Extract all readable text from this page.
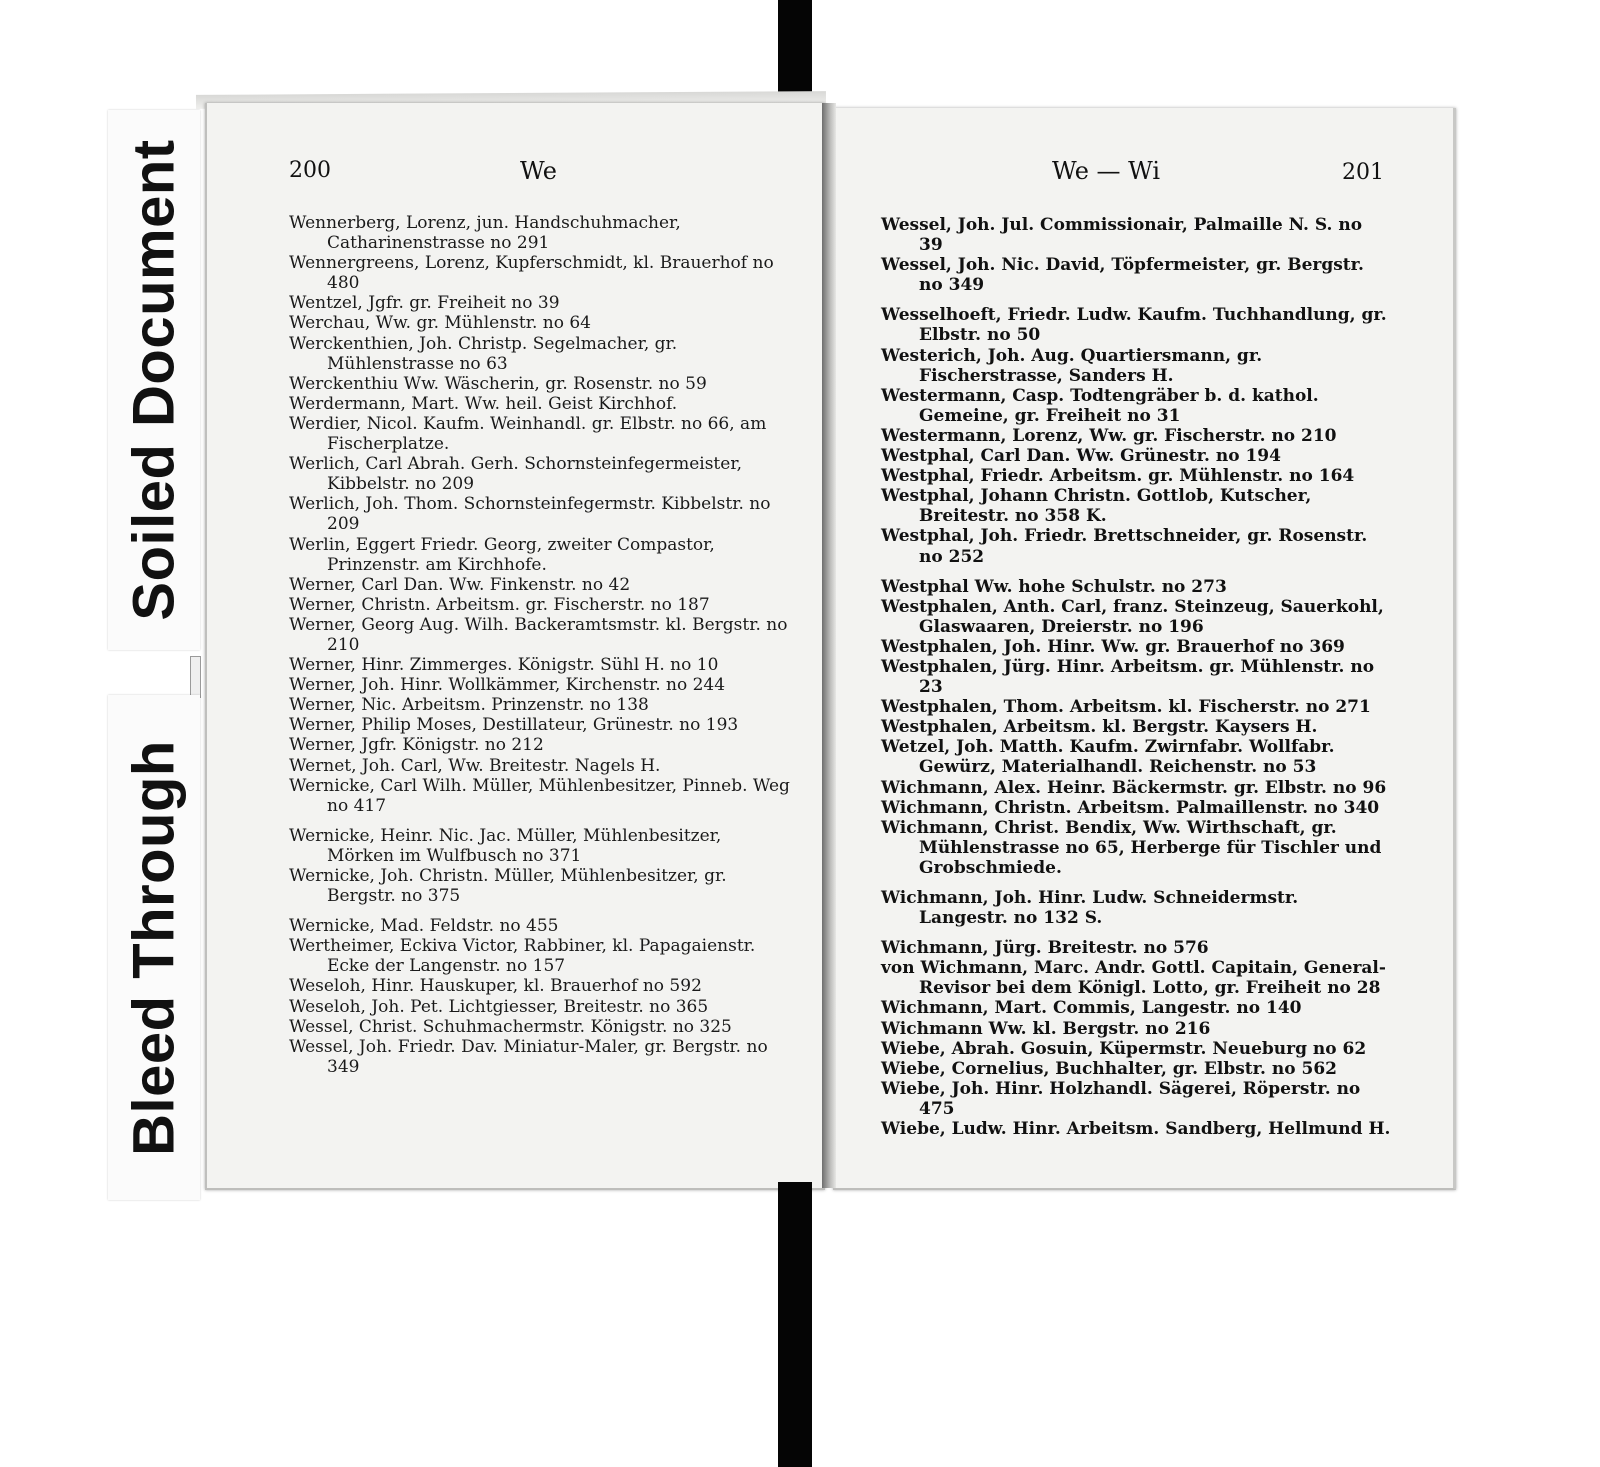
Soiled Document
Bleed Through
200	We	We — Wi	201

Wennerberg, Lorenz, jun. Handschuhmacher, Catharinenstrasse no 291

Wennergreens, Lorenz, Kupferschmidt, kl. Brauerhof no 480

Wentzel, Jgfr. gr. Freiheit no 39

Werchau, Ww. gr. Mühlenstr. no 64

Werckenthien, Joh. Christp. Segelmacher, gr. Mühlenstrasse no 63

Werckenthiu Ww. Wäscherin, gr. Rosenstr. no 59

Werdermann, Mart. Ww. heil. Geist Kirchhof.

Werdier, Nicol. Kaufm. Weinhandl. gr. Elbstr. no 66, am Fischerplatze.

Werlich, Carl Abrah. Gerh. Schornsteinfegermeister, Kibbelstr. no 209

Werlich, Joh. Thom. Schornsteinfegermstr. Kibbelstr. no 209

Werlin, Eggert Friedr. Georg, zweiter Compastor, Prinzenstr. am Kirchhofe.

Werner, Carl Dan. Ww. Finkenstr. no 42

Werner, Christn. Arbeitsm. gr. Fischerstr. no 187

Werner, Georg Aug. Wilh. Backeramtsmstr. kl. Bergstr. no 210

Werner, Hinr. Zimmerges. Königstr. Sühl H. no 10

Werner, Joh. Hinr. Wollkämmer, Kirchenstr. no 244

Werner, Nic. Arbeitsm. Prinzenstr. no 138

Werner, Philip Moses, Destillateur, Grünestr. no 193

Werner, Jgfr. Königstr. no 212

Wernet, Joh. Carl, Ww. Breitestr. Nagels H.

Wernicke, Carl Wilh. Müller, Mühlenbesitzer, Pinneb. Weg no 417

Wernicke, Heinr. Nic. Jac. Müller, Mühlenbesitzer, Mörken im Wulfbusch no 371

Wernicke, Joh. Christn. Müller, Mühlenbesitzer, gr. Bergstr. no 375

Wernicke, Mad. Feldstr. no 455

Wertheimer, Eckiva Victor, Rabbiner, kl. Papagaienstr. Ecke der Langenstr. no 157

Weseloh, Hinr. Hauskuper, kl. Brauerhof no 592

Weseloh, Joh. Pet. Lichtgiesser, Breitestr. no 365

Wessel, Christ. Schuhmachermstr. Königstr. no 325

Wessel, Joh. Friedr. Dav. Miniatur-Maler, gr. Bergstr. no 349

Wessel, Joh. Jul. Commissionair, Palmaille N. S. no 39

Wessel, Joh. Nic. David, Töpfermeister, gr. Bergstr. no 349

Wesselhoeft, Friedr. Ludw. Kaufm. Tuchhandlung, gr. Elbstr. no 50

Westerich, Joh. Aug. Quartiersmann, gr. Fischerstrasse, Sanders H.

Westermann, Casp. Todtengräber b. d. kathol. Gemeine, gr. Freiheit no 31

Westermann, Lorenz, Ww. gr. Fischerstr. no 210

Westphal, Carl Dan. Ww. Grünestr. no 194

Westphal, Friedr. Arbeitsm. gr. Mühlenstr. no 164

Westphal, Johann Christn. Gottlob, Kutscher, Breitestr. no 358 K.

Westphal, Joh. Friedr. Brettschneider, gr. Rosenstr. no 252

Westphal Ww. hohe Schulstr. no 273

Westphalen, Anth. Carl, franz. Steinzeug, Sauerkohl, Glaswaaren, Dreierstr. no 196

Westphalen, Joh. Hinr. Ww. gr. Brauerhof no 369

Westphalen, Jürg. Hinr. Arbeitsm. gr. Mühlenstr. no 23

Westphalen, Thom. Arbeitsm. kl. Fischerstr. no 271

Westphalen, Arbeitsm. kl. Bergstr. Kaysers H.

Wetzel, Joh. Matth. Kaufm. Zwirnfabr. Wollfabr. Gewürz, Materialhandl. Reichenstr. no 53

Wichmann, Alex. Heinr. Bäckermstr. gr. Elbstr. no 96

Wichmann, Christn. Arbeitsm. Palmaillenstr. no 340

Wichmann, Christ. Bendix, Ww. Wirthschaft, gr. Mühlenstrasse no 65, Herberge für Tischler und Grobschmiede.

Wichmann, Joh. Hinr. Ludw. Schneidermstr. Langestr. no 132 S.

Wichmann, Jürg. Breitestr. no 576

von Wichmann, Marc. Andr. Gottl. Capitain, General-Revisor bei dem Königl. Lotto, gr. Freiheit no 28

Wichmann, Mart. Commis, Langestr. no 140

Wichmann Ww. kl. Bergstr. no 216

Wiebe, Abrah. Gosuin, Küpermstr. Neueburg no 62

Wiebe, Cornelius, Buchhalter, gr. Elbstr. no 562

Wiebe, Joh. Hinr. Holzhandl. Sägerei, Röperstr. no 475

Wiebe, Ludw. Hinr. Arbeitsm. Sandberg, Hellmund H.
